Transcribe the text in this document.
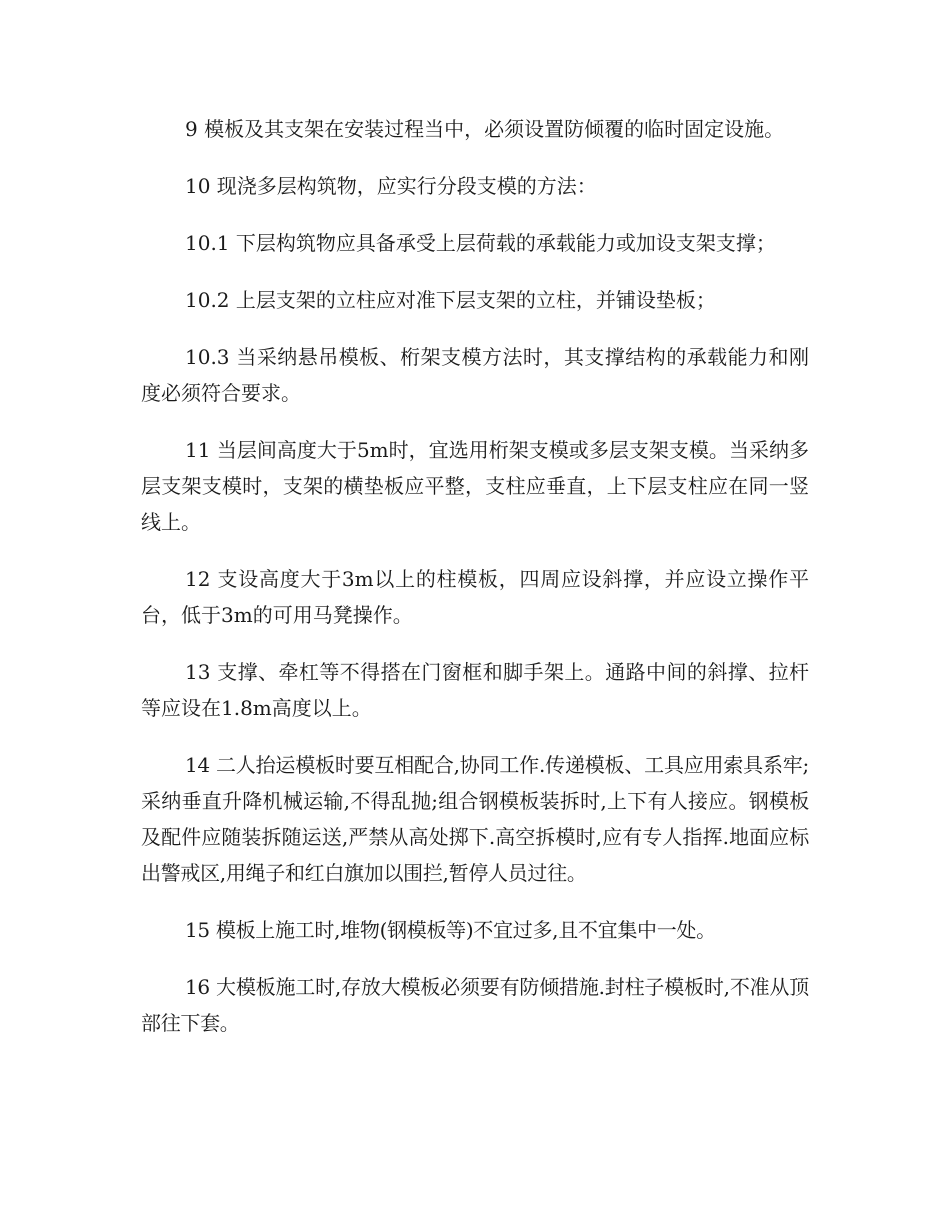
9 模板及其支架在安装过程当中，必须设置防倾覆的临时固定设施。

10 现浇多层构筑物，应实行分段支模的方法：

10.1 下层构筑物应具备承受上层荷载的承载能力或加设支架支撑；

10.2 上层支架的立柱应对准下层支架的立柱，并铺设垫板；

10.3 当采纳悬吊模板、桁架支模方法时，其支撑结构的承载能力和刚度必须符合要求。

11 当层间高度大于5m时，宜选用桁架支模或多层支架支模。当采纳多层支架支模时，支架的横垫板应平整，支柱应垂直，上下层支柱应在同一竖线上。

12 支设高度大于3m以上的柱模板，四周应设斜撑，并应设立操作平台，低于3m的可用马凳操作。

13 支撑、牵杠等不得搭在门窗框和脚手架上。通路中间的斜撑、拉杆等应设在1.8m高度以上。

14 二人抬运模板时要互相配合,协同工作.传递模板、工具应用索具系牢;采纳垂直升降机械运输,不得乱抛;组合钢模板装拆时,上下有人接应。钢模板及配件应随装拆随运送,严禁从高处掷下.高空拆模时,应有专人指挥.地面应标出警戒区,用绳子和红白旗加以围拦,暂停人员过往。

15 模板上施工时,堆物(钢模板等)不宜过多,且不宜集中一处。

16 大模板施工时,存放大模板必须要有防倾措施.封柱子模板时,不准从顶部往下套。
